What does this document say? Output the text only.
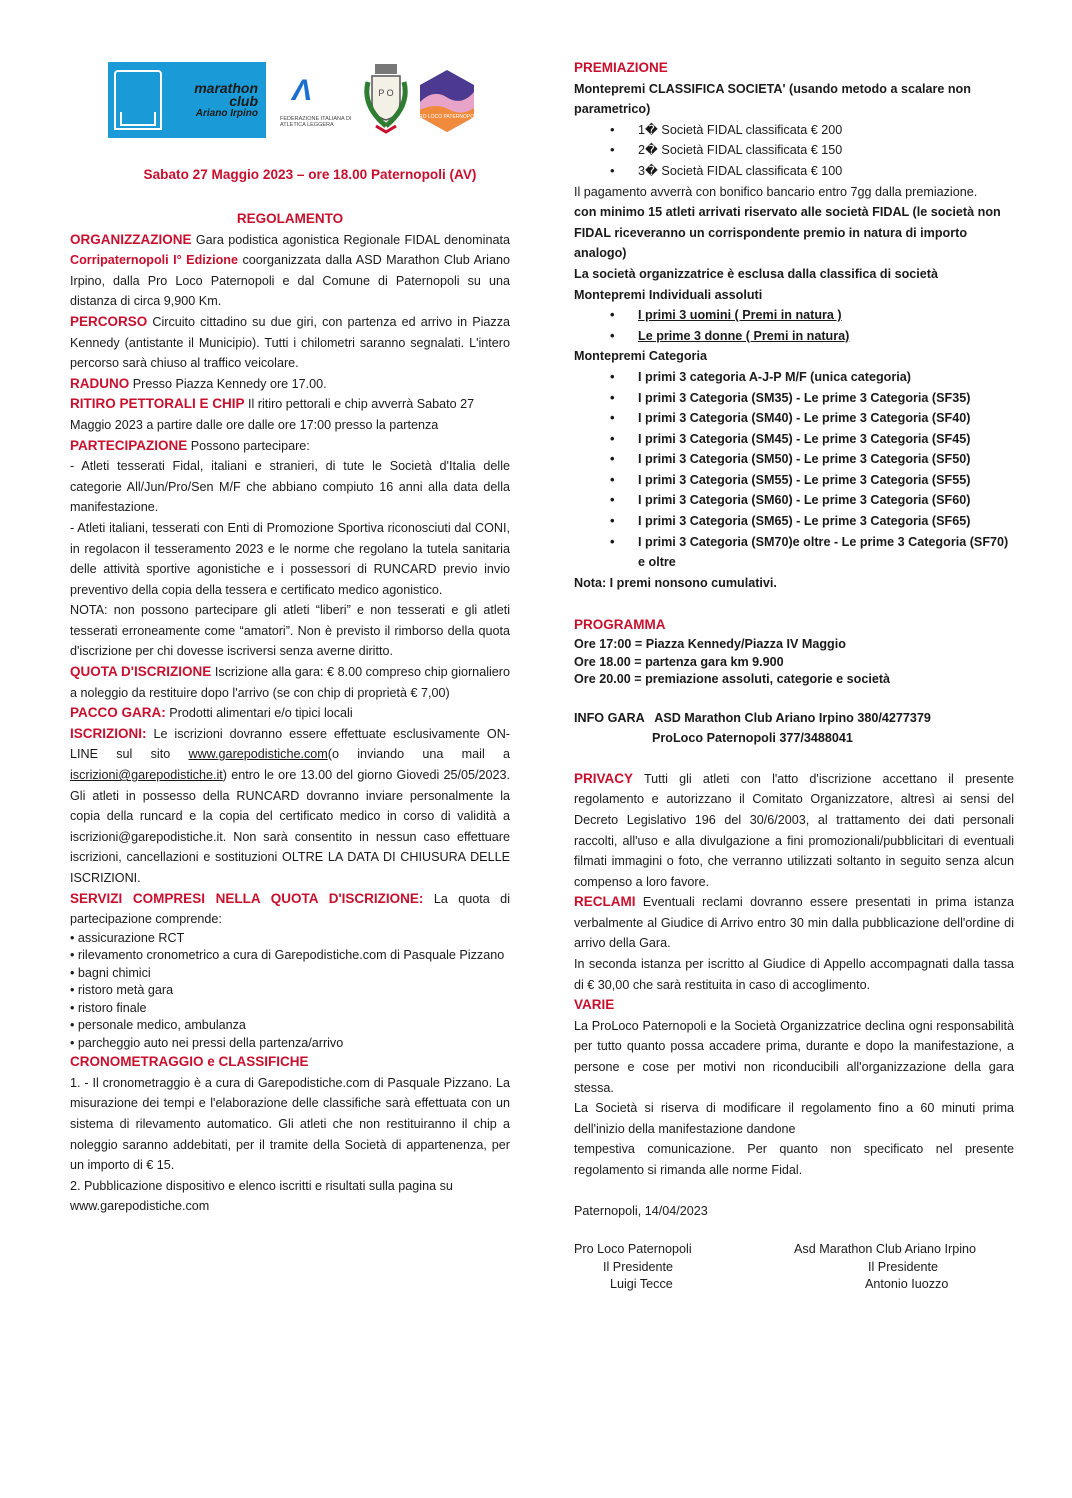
marathon
club
Ariano Irpino
Λ
FEDERAZIONE ITALIANA DI ATLETICA LEGGERA
P O
PRO LOCO PATERNOPOLI
Sabato 27 Maggio 2023 – ore 18.00 Paternopoli (AV)

REGOLAMENTO

ORGANIZZAZIONE Gara podistica agonistica Regionale FIDAL denominata Corripaternopoli I° Edizione coorganizzata dalla ASD Marathon Club Ariano Irpino, dalla Pro Loco Paternopoli e dal Comune di Paternopoli su una distanza di circa 9,900 Km.

PERCORSO Circuito cittadino su due giri, con partenza ed arrivo in Piazza Kennedy (antistante il Municipio). Tutti i chilometri saranno segnalati. L'intero percorso sarà chiuso al traffico veicolare.

RADUNO Presso Piazza Kennedy ore 17.00.

RITIRO PETTORALI E CHIP Il ritiro pettorali e chip avverrà Sabato 27 Maggio 2023 a partire dalle ore dalle ore 17:00 presso la partenza

PARTECIPAZIONE Possono partecipare:

- Atleti tesserati Fidal, italiani e stranieri, di tute le Società d'Italia delle categorie All/Jun/Pro/Sen M/F che abbiano compiuto 16 anni alla data della manifestazione.

- Atleti italiani, tesserati con Enti di Promozione Sportiva riconosciuti dal CONI, in regolacon il tesseramento 2023 e le norme che regolano la tutela sanitaria delle attività sportive agonistiche e i possessori di RUNCARD previo invio preventivo della copia della tessera e certificato medico agonistico.

NOTA: non possono partecipare gli atleti “liberi” e non tesserati e gli atleti tesserati erroneamente come “amatori”. Non è previsto il rimborso della quota d'iscrizione per chi dovesse iscriversi senza averne diritto.

QUOTA D'ISCRIZIONE Iscrizione alla gara: € 8.00 compreso chip giornaliero a noleggio da restituire dopo l'arrivo (se con chip di proprietà € 7,00)

PACCO GARA: Prodotti alimentari e/o tipici locali

ISCRIZIONI: Le iscrizioni dovranno essere effettuate esclusivamente ON-LINE sul sito www.garepodistiche.com(o inviando una mail a iscrizioni@garepodistiche.it) entro le ore 13.00 del giorno Giovedi 25/05/2023. Gli atleti in possesso della RUNCARD dovranno inviare personalmente la copia della runcard e la copia del certificato medico in corso di validità a iscrizioni@garepodistiche.it. Non sarà consentito in nessun caso effettuare iscrizioni, cancellazioni e sostituzioni OLTRE LA DATA DI CHIUSURA DELLE ISCRIZIONI.

SERVIZI COMPRESI NELLA QUOTA D'ISCRIZIONE: La quota di partecipazione comprende:

• assicurazione RCT
• rilevamento cronometrico a cura di Garepodistiche.com di Pasquale Pizzano
• bagni chimici
• ristoro metà gara
• ristoro finale
• personale medico, ambulanza
• parcheggio auto nei pressi della partenza/arrivo

CRONOMETRAGGIO e CLASSIFICHE

1. - Il cronometraggio è a cura di Garepodistiche.com di Pasquale Pizzano. La misurazione dei tempi e l'elaborazione delle classifiche sarà effettuata con un sistema di rilevamento automatico. Gli atleti che non restituiranno il chip a noleggio saranno addebitati, per il tramite della Società di appartenenza, per un importo di € 15.

2. Pubblicazione dispositivo e elenco iscritti e risultati sulla pagina su www.garepodistiche.com

PREMIAZIONE

Montepremi CLASSIFICA SOCIETA' (usando metodo a scalare non parametrico)

• 1� Società FIDAL classificata € 200
• 2� Società FIDAL classificata € 150
• 3� Società FIDAL classificata € 100

Il pagamento avverrà con bonifico bancario entro 7gg dalla premiazione.

con minimo 15 atleti arrivati riservato alle società FIDAL (le società non FIDAL riceveranno un corrispondente premio in natura di importo analogo)

La società organizzatrice è esclusa dalla classifica di società

Montepremi Individuali assoluti

• I primi 3 uomini ( Premi in natura )
• Le prime 3 donne ( Premi in natura)

Montepremi Categoria

• I primi 3 categoria A-J-P M/F (unica categoria)
• I primi 3 Categoria (SM35) - Le prime 3 Categoria (SF35)
• I primi 3 Categoria (SM40) - Le prime 3 Categoria (SF40)
• I primi 3 Categoria (SM45) - Le prime 3 Categoria (SF45)
• I primi 3 Categoria (SM50) - Le prime 3 Categoria (SF50)
• I primi 3 Categoria (SM55) - Le prime 3 Categoria (SF55)
• I primi 3 Categoria (SM60) - Le prime 3 Categoria (SF60)
• I primi 3 Categoria (SM65) - Le prime 3 Categoria (SF65)
• I primi 3 Categoria (SM70)e oltre - Le prime 3 Categoria (SF70) e oltre

Nota: I premi nonsono cumulativi.

PROGRAMMA

Ore 17:00 = Piazza Kennedy/Piazza IV Maggio

Ore 18.00 = partenza gara km 9.900

Ore 20.00 = premiazione assoluti, categorie e società

INFO GARA   ASD Marathon Club Ariano Irpino 380/4277379

ProLoco Paternopoli 377/3488041

PRIVACY Tutti gli atleti con l'atto d'iscrizione accettano il presente regolamento e autorizzano il Comitato Organizzatore, altresì ai sensi del Decreto Legislativo 196 del 30/6/2003, al trattamento dei dati personali raccolti, all'uso e alla divulgazione a fini promozionali/pubblicitari di eventuali filmati immagini o foto, che verranno utilizzati soltanto in seguito senza alcun compenso a loro favore.

RECLAMI Eventuali reclami dovranno essere presentati in prima istanza verbalmente al Giudice di Arrivo entro 30 min dalla pubblicazione dell'ordine di arrivo della Gara.

In seconda istanza per iscritto al Giudice di Appello accompagnati dalla tassa di € 30,00 che sarà restituita in caso di accoglimento.

VARIE

La ProLoco Paternopoli e la Società Organizzatrice declina ogni responsabilità per tutto quanto possa accadere prima, durante e dopo la manifestazione, a persone e cose per motivi non riconducibili all'organizzazione della gara stessa.

La Società si riserva di modificare il regolamento fino a 60 minuti prima dell'inizio della manifestazione dandone

tempestiva comunicazione. Per quanto non specificato nel presente regolamento si rimanda alle norme Fidal.

Paternopoli, 14/04/2023

Pro Loco Paternopoli
Il Presidente
Luigi Tecce
Asd Marathon Club Ariano Irpino
Il Presidente
Antonio Iuozzo
